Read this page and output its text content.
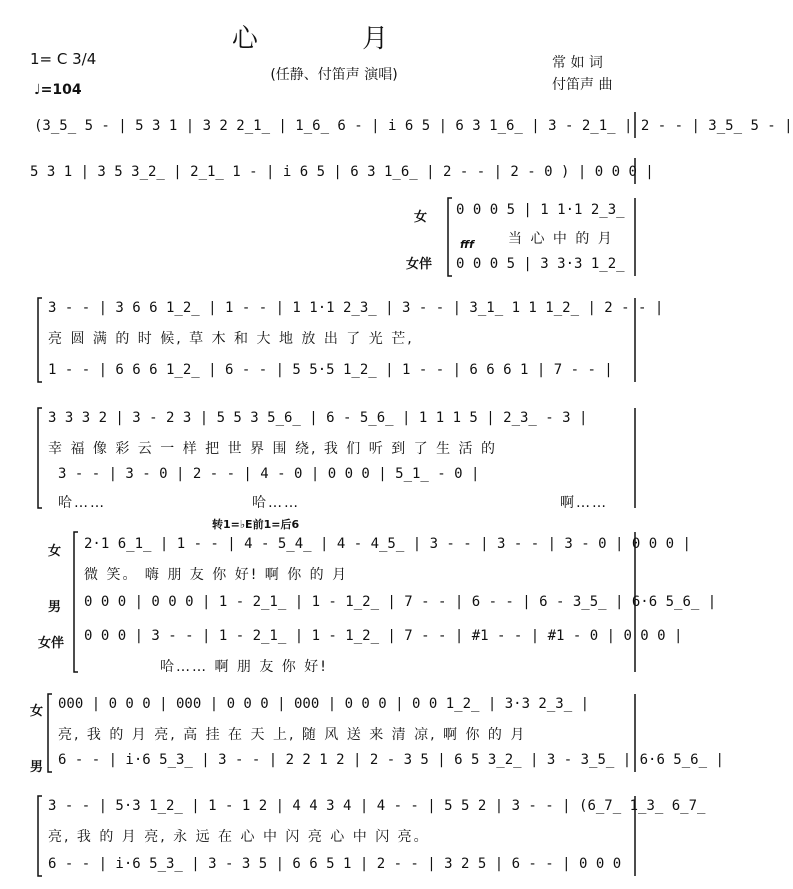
心 月
(任静、付笛声 演唱)
1= C 3/4
♩=104
常 如 词
付笛声 曲
(3̲5̲ 5 - | 5 3 1 | 3 2 2̲1̲ | 1̲6̲ 6 - | i 6 5 | 6 3 1̲6̲ | 3 - 2̲1̲ | 2 - - | 3̲5̲ 5 - |
5 3 1 | 3 5 3̲2̲ | 2̲1̲ 1 - | i 6 5 | 6 3 1̲6̲ | 2 - - | 2 - 0 ) | 0 0 0 |
女
女伴
0 0 0 5 | 1 1·1 2̲3̲
当 心 中 的 月
fff
0 0 0 5 | 3 3·3 1̲2̲
3 - - | 3 6 6 1̲2̲ | 1 - - | 1 1·1 2̲3̲ | 3 - - | 3̲1̲ 1 1 1̲2̲ | 2 - - |
亮 圆 满 的 时 候, 草 木 和 大 地 放 出 了 光 芒,
1 - - | 6 6 6 1̲2̲ | 6 - - | 5 5·5 1̲2̲ | 1 - - | 6 6 6 1 | 7 - - |
3 3 3 2 | 3 - 2 3 | 5 5 3 5̲6̲ | 6 - 5̲6̲ | 1 1 1 5 | 2̲3̲ - 3 |
幸 福 像 彩 云 一 样 把 世 界 围 绕, 我 们 听 到 了 生 活 的
3 - - | 3 - 0 | 2 - - | 4 - 0 | 0 0 0 | 5̲1̲ - 0 |
哈……	哈……	啊……
转1=♭E前1=后6
女
男
女伴
2·1 6̲1̲ | 1 - - | 4 - 5̲4̲ | 4 - 4̲5̲ | 3 - - | 3 - - | 3 - 0 | 0 0 0 |
微 笑。 嗨 朋 友 你 好! 啊 你 的 月
0 0 0 | 0 0 0 | 1 - 2̲1̲ | 1 - 1̲2̲ | 7 - - | 6 - - | 6 - 3̲5̲ | 6·6 5̲6̲ |
0 0 0 | 3 - - | 1 - 2̲1̲ | 1 - 1̲2̲ | 7 - - | #1 - - | #1 - 0 | 0 0 0 |
哈…… 啊 朋 友 你 好!
女
男
000 | 0 0 0 | 000 | 0 0 0 | 000 | 0 0 0 | 0 0 1̲2̲ | 3·3 2̲3̲ |
亮, 我 的 月 亮, 高 挂 在 天 上, 随 风 送 来 清 凉, 啊 你 的 月
6 - - | i·6 5̲3̲ | 3 - - | 2 2 1 2 | 2 - 3 5 | 6 5 3̲2̲ | 3 - 3̲5̲ | 6·6 5̲6̲ |
3 - - | 5·3 1̲2̲ | 1 - 1 2 | 4 4 3 4 | 4 - - | 5 5 2 | 3 - - | (6̲7̲ 1̲3̲ 6̲7̲
亮, 我 的 月 亮, 永 远 在 心 中 闪 亮 心 中 闪 亮。
6 - - | i·6 5̲3̲ | 3 - 3 5 | 6 6 5 1 | 2 - - | 3 2 5 | 6 - - | 0 0 0
